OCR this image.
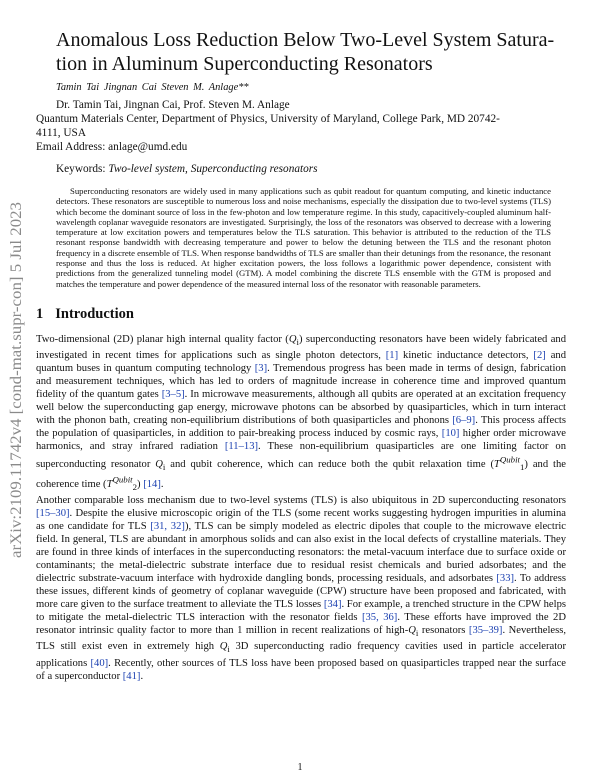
arXiv:2109.11742v4 [cond-mat.supr-con] 5 Jul 2023
Anomalous Loss Reduction Below Two-Level System Satura-
tion in Aluminum Superconducting Resonators
Tamin Tai Jingnan Cai Steven M. Anlage**
Dr. Tamin Tai, Jingnan Cai, Prof. Steven M. Anlage
Quantum Materials Center, Department of Physics, University of Maryland, College Park, MD 20742-
4111, USA
Email Address: anlage@umd.edu
Keywords: Two-level system, Superconducting resonators

Superconducting resonators are widely used in many applications such as qubit readout for quantum computing, and kinetic inductance detectors. These resonators are susceptible to numerous loss and noise mechanisms, especially the dissipation due to two-level systems (TLS) which become the dominant source of loss in the few-photon and low temperature regime. In this study, capacitively-coupled aluminum half-wavelength coplanar waveguide resonators are investigated. Surprisingly, the loss of the resonators was observed to decrease with a lowering temperature at low excitation powers and temperatures below the TLS saturation. This behavior is attributed to the reduction of the TLS resonant response bandwidth with decreasing temperature and power to below the detuning between the TLS and the resonant photon frequency in a discrete ensemble of TLS. When response bandwidths of TLS are smaller than their detunings from the resonance, the resonant response and thus the loss is reduced. At higher excitation powers, the loss follows a logarithmic power dependence, consistent with predictions from the generalized tunneling model (GTM). A model combining the discrete TLS ensemble with the GTM is proposed and matches the temperature and power dependence of the measured internal loss of the resonator with reasonable parameters.

1 Introduction
Two-dimensional (2D) planar high internal quality factor $(Q_i)$ superconducting resonators have been widely fabricated and investigated in recent times for applications such as single photon detectors, [1] kinetic inductance detectors, [2] and quantum buses in quantum computing technology [3]. Tremendous progress has been made in terms of design, fabrication and measurement techniques, which has led to orders of magnitude increase in coherence time and improved quantum fidelity of the quantum gates [3–5]. In microwave measurements, although all qubits are operated at an excitation frequency well below the superconducting gap energy, microwave photons can be absorbed by quasiparticles, which in turn interact with the phonon bath, creating non-equilibrium distributions of both quasiparticles and phonons [6–9]. This process affects the population of quasiparticles, in addition to pair-breaking process induced by cosmic rays, [10] higher order microwave harmonics, and stray infrared radiation [11–13]. These non-equilibrium quasiparticles are one limiting factor on superconducting resonator $Q_i$ and qubit coherence, which can reduce both the qubit relaxation time $(T^{Qubit}_1)$ and the coherence time $(T^{Qubit}_2)$ [14].
Another comparable loss mechanism due to two-level systems (TLS) is also ubiquitous in 2D superconducting resonators [15–30]. Despite the elusive microscopic origin of the TLS (some recent works suggesting hydrogen impurities in alumina as one candidate for TLS [31, 32]), TLS can be simply modeled as electric dipoles that couple to the microwave electric field. In general, TLS are abundant in amorphous solids and can also exist in the local defects of crystalline materials. They are found in three kinds of interfaces in the superconducting resonators: the metal-vacuum interface due to surface oxide or contaminants; the metal-dielectric substrate interface due to residual resist chemicals and buried adsorbates; and the dielectric substrate-vacuum interface with hydroxide dangling bonds, processing residuals, and adsorbates [33]. To address these issues, different kinds of geometry of coplanar waveguide (CPW) structure have been proposed and fabricated, with more care given to the surface treatment to alleviate the TLS losses [34]. For example, a trenched structure in the CPW helps to mitigate the metal-dielectric TLS interaction with the resonator fields [35, 36]. These efforts have improved the 2D resonator intrinsic quality factor to more than 1 million in recent realizations of high-$Q_i$ resonators [35–39]. Nevertheless, TLS still exist even in extremely high $Q_i$ 3D superconducting radio frequency cavities used in particle accelerator applications [40]. Recently, other sources of TLS loss have been proposed based on quasiparticles trapped near the surface of a superconductor [41].
1
